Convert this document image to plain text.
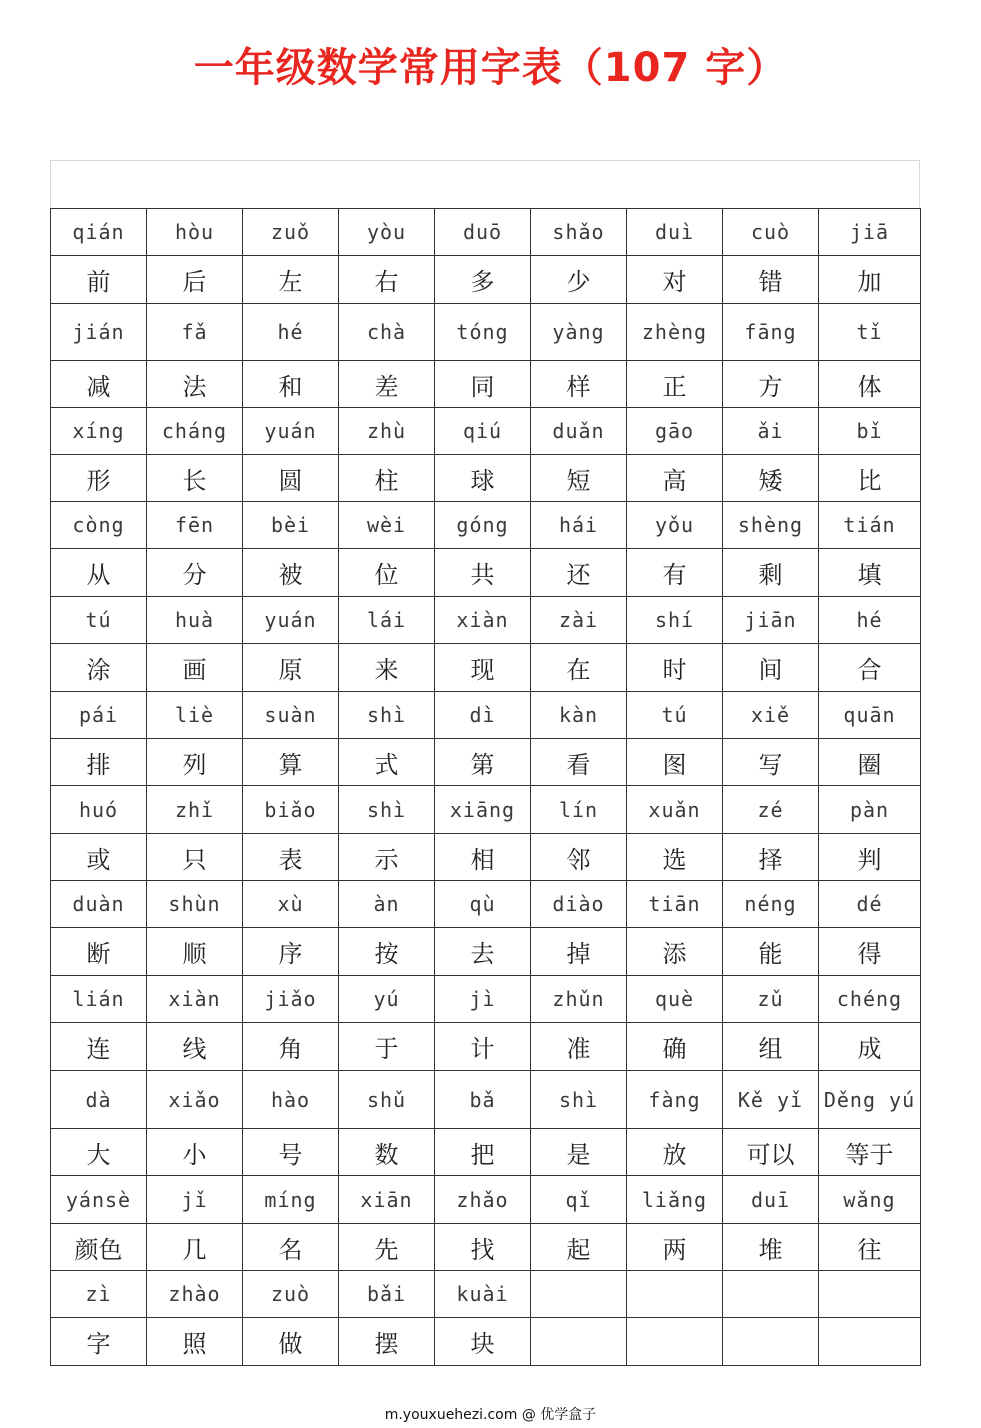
一年级数学常用字表（107 字）
qián	hòu	zuǒ	yòu	duō	shǎo	duì	cuò	jiā
前	后	左	右	多	少	对	错	加
jián	fǎ	hé	chà	tóng	yàng	zhèng	fāng	tǐ
减	法	和	差	同	样	正	方	体
xíng	cháng	yuán	zhù	qiú	duǎn	gāo	ǎi	bǐ
形	长	圆	柱	球	短	高	矮	比
còng	fēn	bèi	wèi	góng	hái	yǒu	shèng	tián
从	分	被	位	共	还	有	剩	填
tú	huà	yuán	lái	xiàn	zài	shí	jiān	hé
涂	画	原	来	现	在	时	间	合
pái	liè	suàn	shì	dì	kàn	tú	xiě	quān
排	列	算	式	第	看	图	写	圈
huó	zhǐ	biǎo	shì	xiāng	lín	xuǎn	zé	pàn
或	只	表	示	相	邻	选	择	判
duàn	shùn	xù	àn	qù	diào	tiān	néng	dé
断	顺	序	按	去	掉	添	能	得
lián	xiàn	jiǎo	yú	jì	zhǔn	què	zǔ	chéng
连	线	角	于	计	准	确	组	成
dà	xiǎo	hào	shǔ	bǎ	shì	fàng	Kě yǐ	Děng yú
大	小	号	数	把	是	放	可以	等于
yánsè	jǐ	míng	xiān	zhǎo	qǐ	liǎng	duī	wǎng
颜色	几	名	先	找	起	两	堆	往
zì	zhào	zuò	bǎi	kuài				
字	照	做	摆	块				
m.youxuehezi.com @ 优学盒子
